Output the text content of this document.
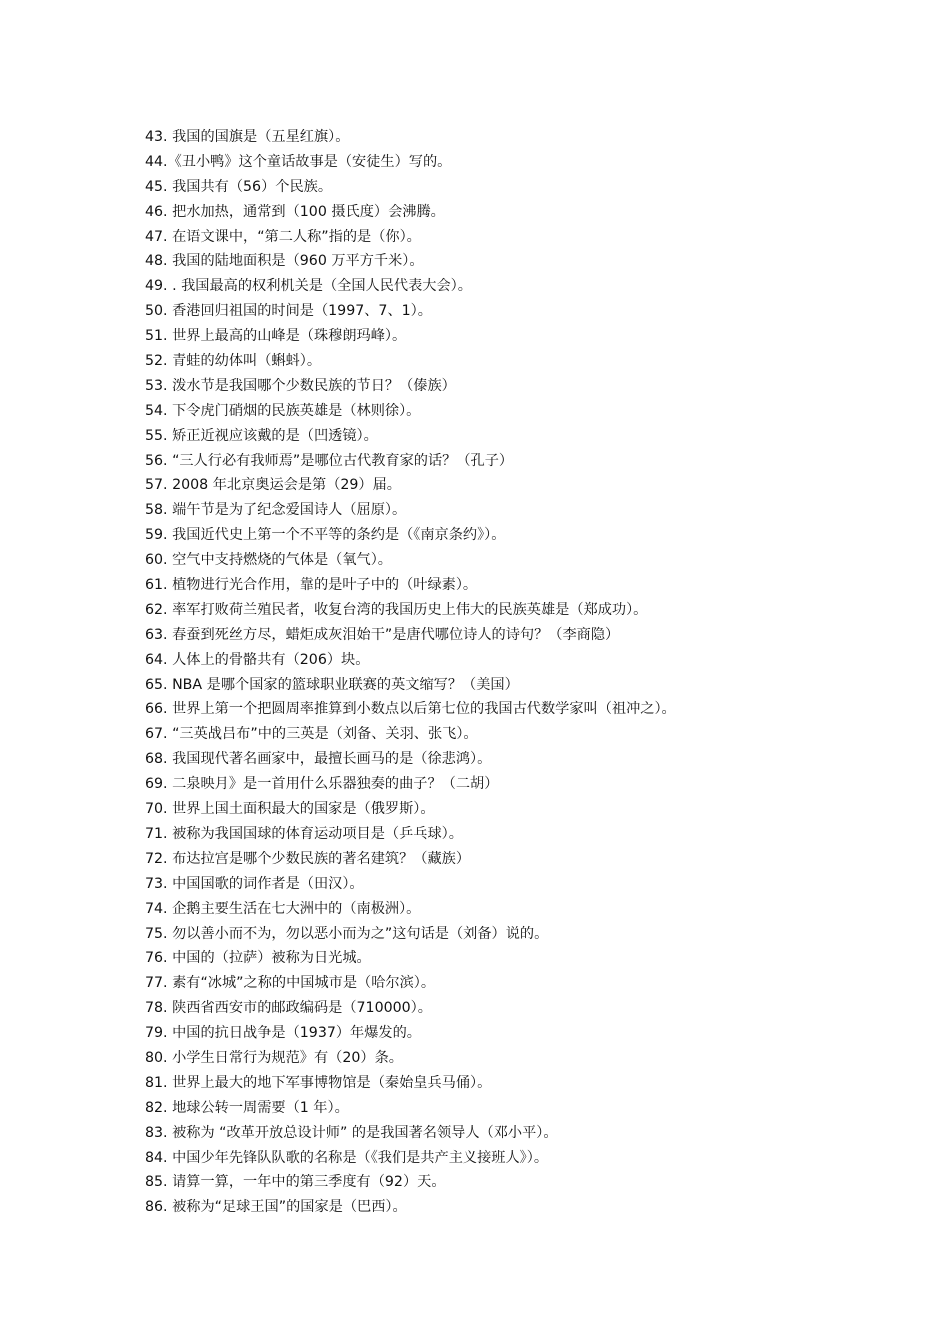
43. 我国的国旗是（五星红旗）。
44.《丑小鸭》这个童话故事是（安徒生）写的。
45. 我国共有（56）个民族。
46. 把水加热，通常到（100 摄氏度）会沸腾。
47. 在语文课中，“第二人称”指的是（你）。
48. 我国的陆地面积是（960 万平方千米）。
49. . 我国最高的权利机关是（全国人民代表大会）。
50. 香港回归祖国的时间是（1997、7、1）。
51. 世界上最高的山峰是（珠穆朗玛峰）。
52. 青蛙的幼体叫（蝌蚪）。
53. 泼水节是我国哪个少数民族的节日？（傣族）
54. 下令虎门硝烟的民族英雄是（林则徐）。
55. 矫正近视应该戴的是（凹透镜）。
56. “三人行必有我师焉”是哪位古代教育家的话？（孔子）
57. 2008 年北京奥运会是第（29）届。
58. 端午节是为了纪念爱国诗人（屈原）。
59. 我国近代史上第一个不平等的条约是（《南京条约》）。
60. 空气中支持燃烧的气体是（氧气）。
61. 植物进行光合作用，靠的是叶子中的（叶绿素）。
62. 率军打败荷兰殖民者，收复台湾的我国历史上伟大的民族英雄是（郑成功）。
63. 春蚕到死丝方尽，蜡炬成灰泪始干”是唐代哪位诗人的诗句？（李商隐）
64. 人体上的骨骼共有（206）块。
65. NBA 是哪个国家的篮球职业联赛的英文缩写？（美国）
66. 世界上第一个把圆周率推算到小数点以后第七位的我国古代数学家叫（祖冲之）。
67. “三英战吕布”中的三英是（刘备、关羽、张飞）。
68. 我国现代著名画家中，最擅长画马的是（徐悲鸿）。
69. 二泉映月》是一首用什么乐器独奏的曲子？（二胡）
70. 世界上国土面积最大的国家是（俄罗斯）。
71. 被称为我国国球的体育运动项目是（乒乓球）。
72. 布达拉宫是哪个少数民族的著名建筑？（藏族）
73. 中国国歌的词作者是（田汉）。
74. 企鹅主要生活在七大洲中的（南极洲）。
75. 勿以善小而不为，勿以恶小而为之”这句话是（刘备）说的。
76. 中国的（拉萨）被称为日光城。
77. 素有“冰城”之称的中国城市是（哈尔滨）。
78. 陕西省西安市的邮政编码是（710000）。
79. 中国的抗日战争是（1937）年爆发的。
80. 小学生日常行为规范》有（20）条。
81. 世界上最大的地下军事博物馆是（秦始皇兵马俑）。
82. 地球公转一周需要（1 年）。
83. 被称为 “改革开放总设计师” 的是我国著名领导人（邓小平）。
84. 中国少年先锋队队歌的名称是（《我们是共产主义接班人》）。
85. 请算一算，一年中的第三季度有（92）天。
86. 被称为“足球王国”的国家是（巴西）。
